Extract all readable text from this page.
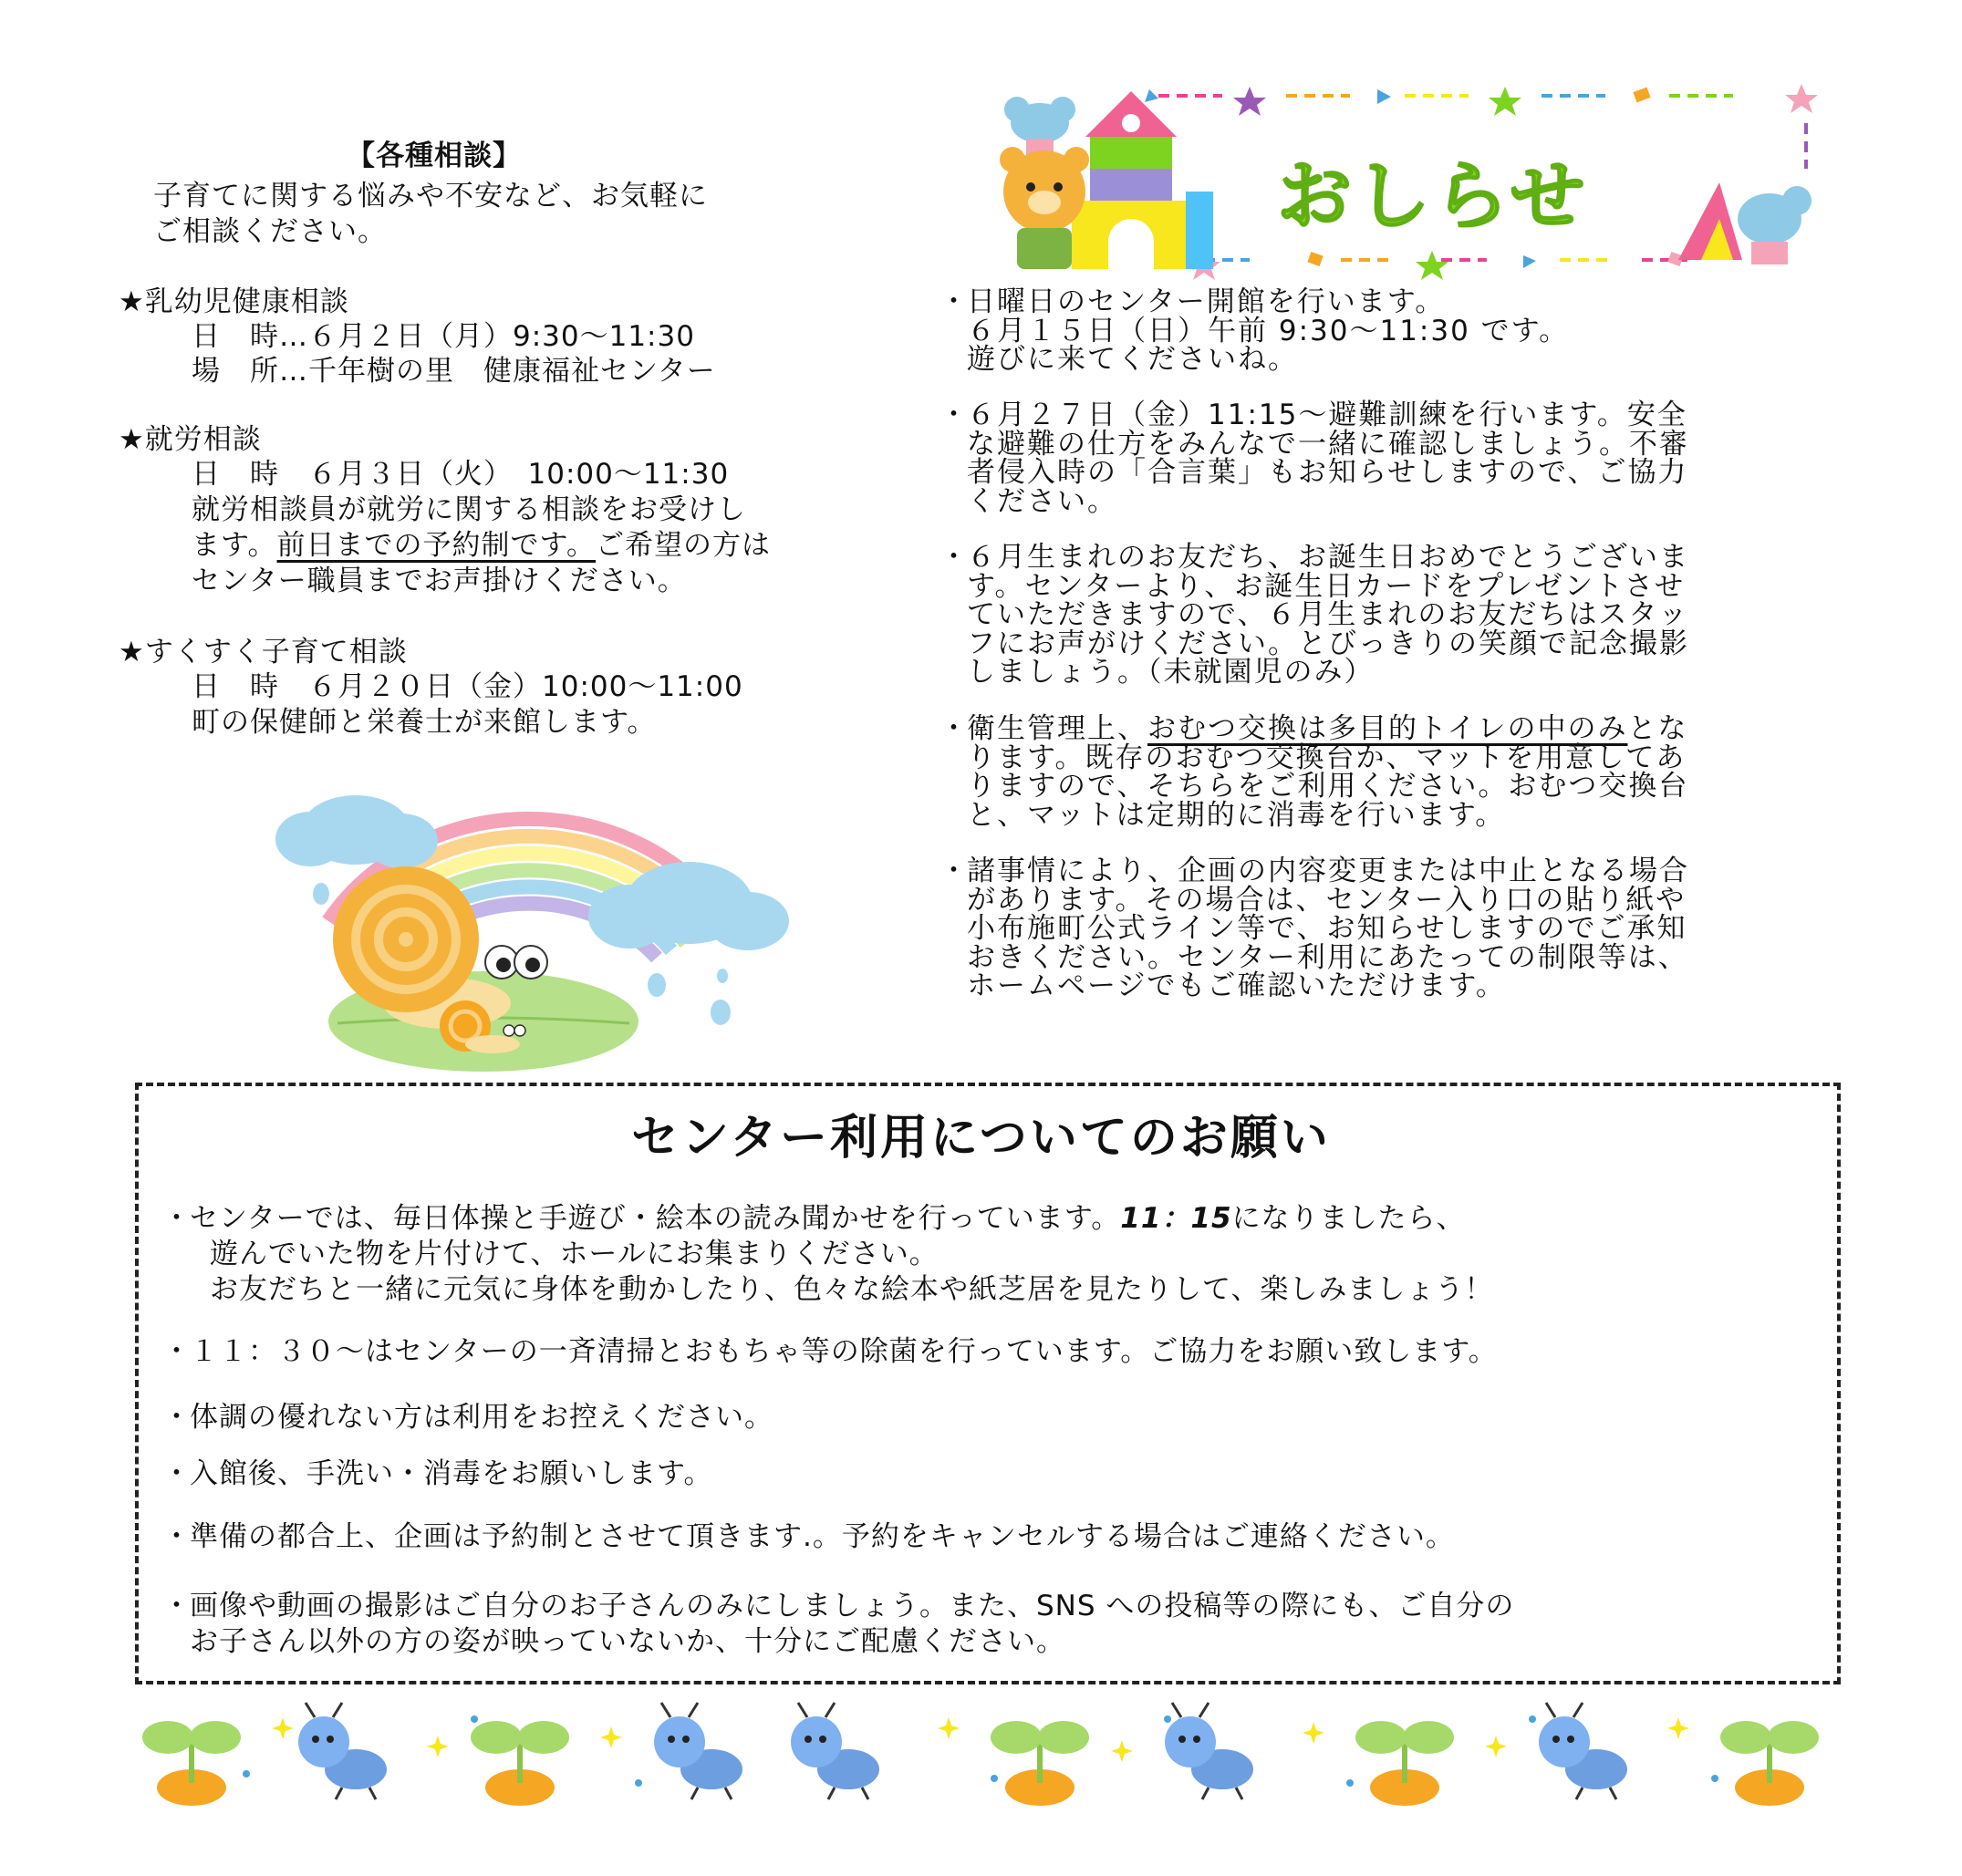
【各種相談】
子育てに関する悩みや不安など、お気軽に
ご相談ください。
★乳幼児健康相談
日　時…６月２日（月）9:30～11:30
場　所…千年樹の里　健康福祉センター
★就労相談
日　時　６月３日（火）　10:00～11:30
就労相談員が就労に関する相談をお受けし
ます。前日までの予約制です。ご希望の方は
センター職員までお声掛けください。
★すくすく子育て相談
日　時　６月２０日（金）10:00～11:00
町の保健師と栄養士が来館します。
おしらせ
・
日曜日のセンター開館を行います。
６月１５日（日）午前 9:30～11:30 です。
遊びに来てくださいね。
・
６月２７日（金）11:15～避難訓練を行います。安全
な避難の仕方をみんなで一緒に確認しましょう。不審
者侵入時の「合言葉」もお知らせしますので、ご協力
ください。
・
６月生まれのお友だち、お誕生日おめでとうございま
す。センターより、お誕生日カードをプレゼントさせ
ていただきますので、６月生まれのお友だちはスタッ
フにお声がけください。とびっきりの笑顔で記念撮影
しましょう。（未就園児のみ）
・
衛生管理上、おむつ交換は多目的トイレの中のみとな
ります。既存のおむつ交換台か、マットを用意してあ
りますので、そちらをご利用ください。おむつ交換台
と、マットは定期的に消毒を行います。
・
諸事情により、企画の内容変更または中止となる場合
があります。その場合は、センター入り口の貼り紙や
小布施町公式ライン等で、お知らせしますのでご承知
おきください。センター利用にあたっての制限等は、
ホームページでもご確認いただけます。
センター利用についてのお願い
・
センターでは、毎日体操と手遊び・絵本の読み聞かせを行っています。11：15になりましたら、
遊んでいた物を片付けて、ホールにお集まりください。
お友だちと一緒に元気に身体を動かしたり、色々な絵本や紙芝居を見たりして、楽しみましょう！
・
１１：３０～はセンターの一斉清掃とおもちゃ等の除菌を行っています。ご協力をお願い致します。
・
体調の優れない方は利用をお控えください。
・
入館後、手洗い・消毒をお願いします。
・
準備の都合上、企画は予約制とさせて頂きます.。予約をキャンセルする場合はご連絡ください。
・
画像や動画の撮影はご自分のお子さんのみにしましょう。また、SNS への投稿等の際にも、ご自分の
お子さん以外の方の姿が映っていないか、十分にご配慮ください。
